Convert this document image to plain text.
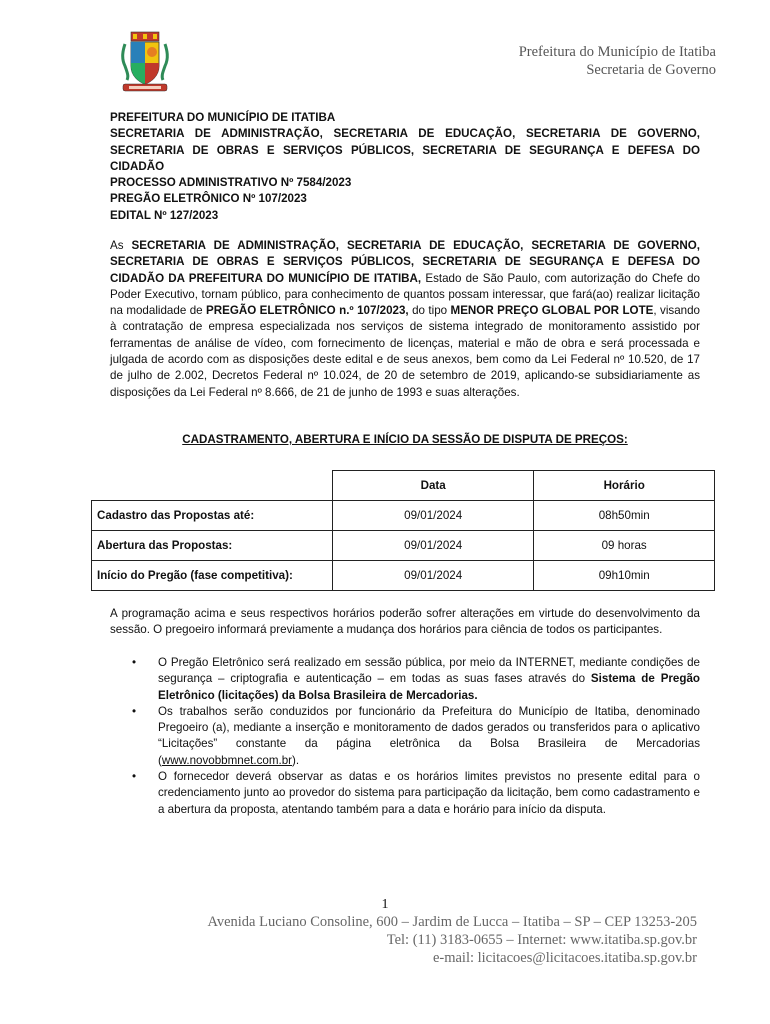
Prefeitura do Município de Itatiba
Secretaria de Governo
PREFEITURA DO MUNICÍPIO DE ITATIBA
SECRETARIA DE ADMINISTRAÇÃO, SECRETARIA DE EDUCAÇÃO, SECRETARIA DE GOVERNO, SECRETARIA DE OBRAS E SERVIÇOS PÚBLICOS, SECRETARIA DE SEGURANÇA E DEFESA DO CIDADÃO
PROCESSO ADMINISTRATIVO Nº 7584/2023
PREGÃO ELETRÔNICO Nº 107/2023
EDITAL Nº 127/2023
As SECRETARIA DE ADMINISTRAÇÃO, SECRETARIA DE EDUCAÇÃO, SECRETARIA DE GOVERNO, SECRETARIA DE OBRAS E SERVIÇOS PÚBLICOS, SECRETARIA DE SEGURANÇA E DEFESA DO CIDADÃO DA PREFEITURA DO MUNICÍPIO DE ITATIBA, Estado de São Paulo, com autorização do Chefe do Poder Executivo, tornam público, para conhecimento de quantos possam interessar, que fará(ao) realizar licitação na modalidade de PREGÃO ELETRÔNICO n.º 107/2023, do tipo MENOR PREÇO GLOBAL POR LOTE, visando à contratação de empresa especializada nos serviços de sistema integrado de monitoramento assistido por ferramentas de análise de vídeo, com fornecimento de licenças, material e mão de obra e será processada e julgada de acordo com as disposições deste edital e de seus anexos, bem como da Lei Federal nº 10.520, de 17 de julho de 2.002, Decretos Federal nº 10.024, de 20 de setembro de 2019, aplicando-se subsidiariamente as disposições da Lei Federal nº 8.666, de 21 de junho de 1993 e suas alterações.
CADASTRAMENTO, ABERTURA E INÍCIO DA SESSÃO DE DISPUTA DE PREÇOS:
	Data	Horário
Cadastro das Propostas até:	09/01/2024	08h50min
Abertura das Propostas:	09/01/2024	09 horas
Início do Pregão (fase competitiva):	09/01/2024	09h10min
A programação acima e seus respectivos horários poderão sofrer alterações em virtude do desenvolvimento da sessão. O pregoeiro informará previamente a mudança dos horários para ciência de todos os participantes.
• O Pregão Eletrônico será realizado em sessão pública, por meio da INTERNET, mediante condições de segurança – criptografia e autenticação – em todas as suas fases através do Sistema de Pregão Eletrônico (licitações) da Bolsa Brasileira de Mercadorias.
• Os trabalhos serão conduzidos por funcionário da Prefeitura do Município de Itatiba, denominado Pregoeiro (a), mediante a inserção e monitoramento de dados gerados ou transferidos para o aplicativo “Licitações” constante da página eletrônica da Bolsa Brasileira de Mercadorias (www.novobbmnet.com.br).
• O fornecedor deverá observar as datas e os horários limites previstos no presente edital para o credenciamento junto ao provedor do sistema para participação da licitação, bem como cadastramento e a abertura da proposta, atentando também para a data e horário para início da disputa.
1
Avenida Luciano Consoline, 600 – Jardim de Lucca – Itatiba – SP – CEP 13253-205
Tel: (11) 3183-0655 – Internet: www.itatiba.sp.gov.br
e-mail: licitacoes@licitacoes.itatiba.sp.gov.br
